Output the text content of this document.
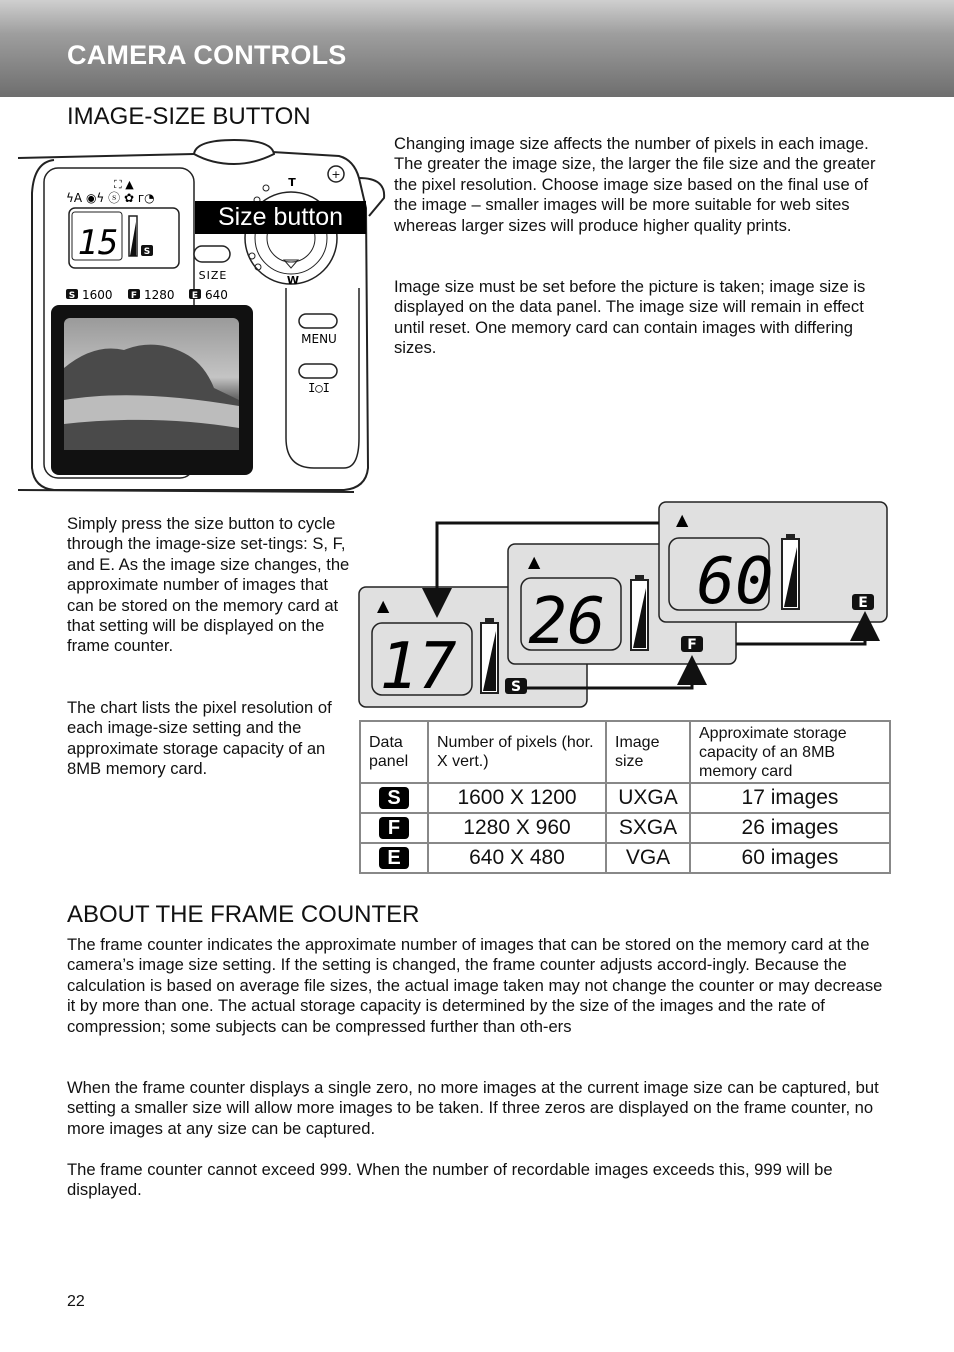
CAMERA CONTROLS
IMAGE-SIZE BUTTON
ϟA ◉ϟ ⓢ ✿ г◔
⛶ ▲
15	S
T
W
+
SIZE
S 1600 F 1280 E 640
MENU
I◯I
Size button

Changing image size affects the number of pixels in each image. The greater the image size, the larger the file size and the greater the pixel resolution. Choose image size based on the final use of the image – smaller images will be more suitable for web sites whereas larger sizes will produce higher quality prints.

Image size must be set before the picture is taken; image size is displayed on the data panel. The image size will remain in effect until reset. One memory card can contain images with differing sizes.

Simply press the size button to cycle through the image-size set-tings: S, F, and E. As the image size changes, the approximate number of images that can be stored on the memory card at that setting will be displayed on the frame counter.

The chart lists the pixel resolution of each image-size setting and the approximate storage capacity of an 8MB memory card.

▲
17	S
▲
26	F
▲
60	E
Data panel	Number of pixels (hor. X vert.)	Image size	Approximate storage capacity of an 8MB memory card
S	1600 X 1200	UXGA	17 images
F	1280 X 960	SXGA	26 images
E	640 X 480	VGA	60 images
ABOUT THE FRAME COUNTER

The frame counter indicates the approximate number of images that can be stored on the memory card at the camera’s image size setting. If the setting is changed, the frame counter adjusts accord-ingly. Because the calculation is based on average file sizes, the actual image taken may not change the counter or may decrease it by more than one. The actual storage capacity is determined by the size of the images and the rate of compression; some subjects can be compressed further than oth-ers

When the frame counter displays a single zero, no more images at the current image size can be captured, but setting a smaller size will allow more images to be taken. If three zeros are displayed on the frame counter, no more images at any size can be captured.

The frame counter cannot exceed 999. When the number of recordable images exceeds this, 999 will be displayed.

22
